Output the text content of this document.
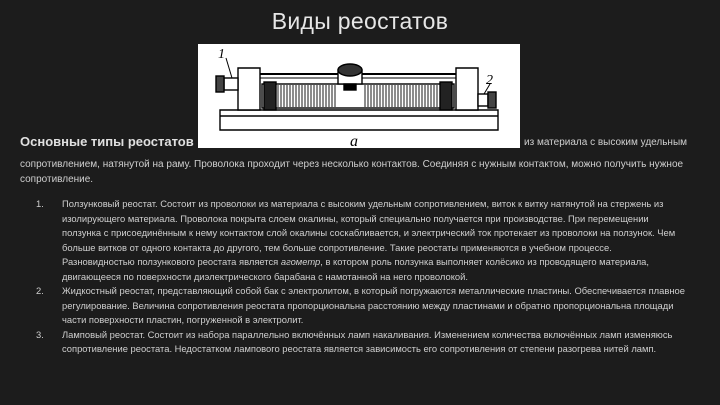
Виды реостатов
1
2
а
Основные типы реостатов	из материала с высоким удельным
сопротивлением, натянутой на раму. Проволока проходит через несколько контактов. Соединяя с нужным контактом, можно получить нужное сопротивление.
1. Ползунковый реостат. Состоит из проволоки из материала с высоким удельным сопротивлением, виток к витку натянутой на стержень из изолирующего материала. Проволока покрыта слоем окалины, который специально получается при производстве. При перемещении ползунка с присоединённым к нему контактом слой окалины соскабливается, и электрический ток протекает из проволоки на ползунок. Чем больше витков от одного контакта до другого, тем больше сопротивление. Такие реостаты применяются в учебном процессе. Разновидностью ползункового реостата является агометр, в котором роль ползунка выполняет колёсико из проводящего материала, двигающееся по поверхности диэлектрического барабана с намотанной на него проволокой.
2. Жидкостный реостат, представляющий собой бак с электролитом, в который погружаются металлические пластины. Обеспечивается плавное регулирование. Величина сопротивления реостата пропорциональна расстоянию между пластинами и обратно пропорциональна площади части поверхности пластин, погруженной в электролит.
3. Ламповый реостат. Состоит из набора параллельно включённых ламп накаливания. Изменением количества включённых ламп изменяюсь сопротивление реостата. Недостатком лампового реостата является зависимость его сопротивления от степени разогрева нитей ламп.
